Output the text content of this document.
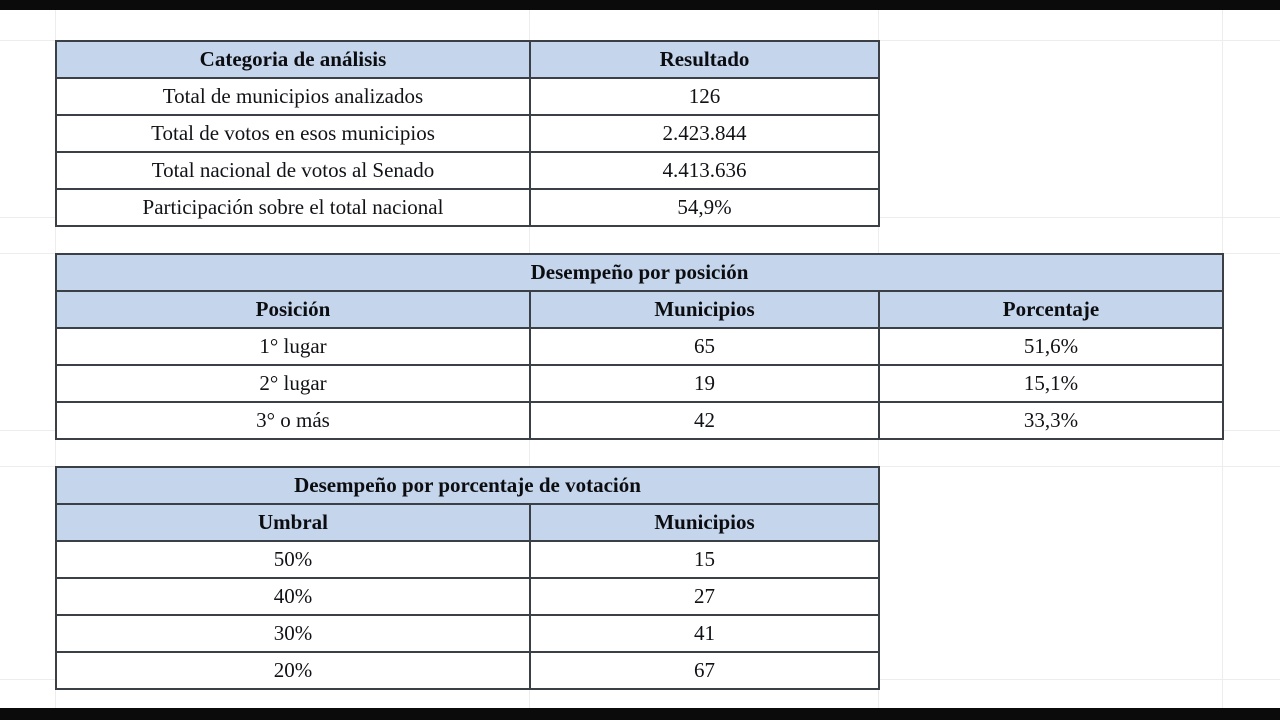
Categoria de análisis	Resultado
Total de municipios analizados	126
Total de votos en esos municipios	2.423.844
Total nacional de votos al Senado	4.413.636
Participación sobre el total nacional	54,9%
Desempeño por posición		
Posición	Municipios	Porcentaje
1° lugar	65	51,6%
2° lugar	19	15,1%
3° o más	42	33,3%
Desempeño por porcentaje de votación	
Umbral	Municipios
50%	15
40%	27
30%	41
20%	67
